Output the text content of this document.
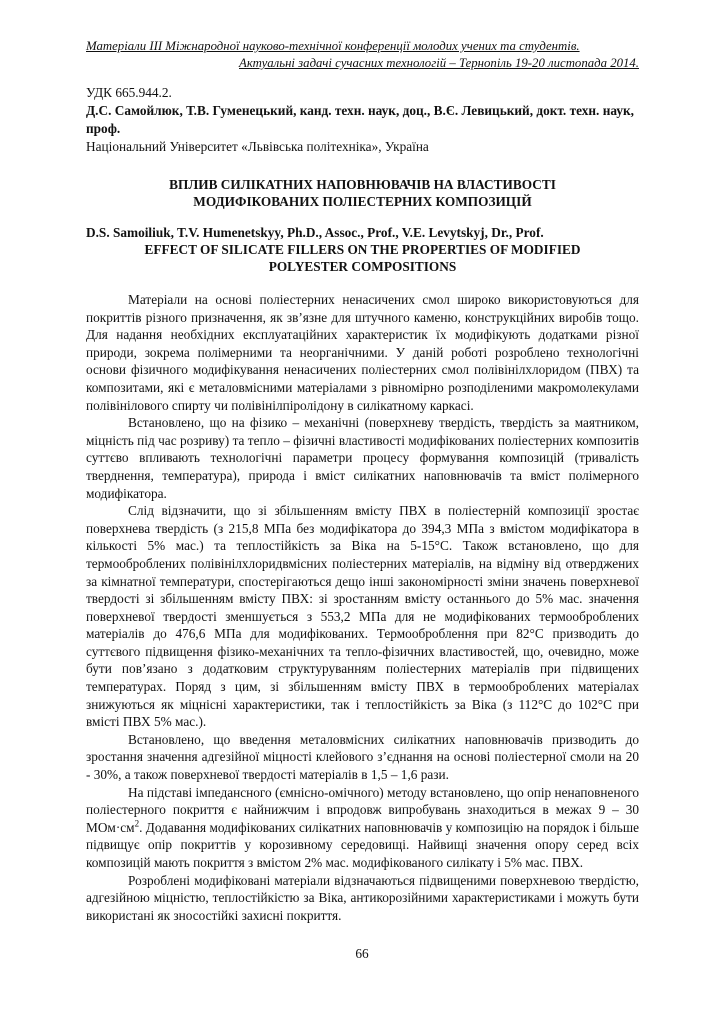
Матеріали ІІІ Міжнародної науково-технічної конференції молодих учених та студентів.
Актуальні задачі сучасних технологій – Тернопіль 19-20 листопада 2014.
УДК 665.944.2.
Д.С. Самойлюк, Т.В. Гуменецький, канд. техн. наук, доц., В.Є. Левицький, докт. техн. наук, проф.
Національний Університет «Львівська політехніка», Україна
ВПЛИВ СИЛІКАТНИХ НАПОВНЮВАЧІВ НА ВЛАСТИВОСТІ
МОДИФІКОВАНИХ ПОЛІЕСТЕРНИХ КОМПОЗИЦІЙ
D.S. Samoiliuk, T.V. Humenetskyy, Ph.D., Assoc., Prof., V.E. Levytskyj, Dr., Prof.
EFFECT OF SILICATE FILLERS ON THE PROPERTIES OF MODIFIED
POLYESTER COMPOSITIONS

Матеріали на основі поліестерних ненасичених смол широко використовуються для покриттів різного призначення, як зв’язне для штучного каменю, конструкційних виробів тощо. Для надання необхідних експлуатаційних характеристик їх модифікують додатками різної природи, зокрема полімерними та неорганічними. У даній роботі розроблено технологічні основи фізичного модифікування ненасичених поліестерних смол полівінілхлоридом (ПВХ) та композитами, які є металовмісними матеріалами з рівномірно розподіленими макромолекулами полівінілового спирту чи полівінілпіролідону в силікатному каркасі.

Встановлено, що на фізико – механічні (поверхневу твердість, твердість за маятником, міцність під час розриву) та тепло – фізичні властивості модифікованих поліестерних композитів суттєво впливають технологічні параметри процесу формування композицій (тривалість тверднення, температура), природа і вміст силікатних наповнювачів та вміст полімерного модифікатора.

Слід відзначити, що зі збільшенням вмісту ПВХ в поліестерній композиції зростає поверхнева твердість (з 215,8 МПа без модифікатора до 394,3 МПа з вмістом модифікатора в кількості 5% мас.) та теплостійкість за Віка на 5-15°С. Також встановлено, що для термооброблених полівінілхлоридвмісних поліестерних матеріалів, на відміну від отверджених за кімнатної температури, спостерігаються дещо інші закономірності зміни значень поверхневої твердості зі збільшенням вмісту ПВХ: зі зростанням вмісту останнього до 5% мас. значення поверхневої твердості зменшується з 553,2 МПа для не модифікованих термооброблених матеріалів до 476,6 МПа для модифікованих. Термооброблення при 82°С призводить до суттєвого підвищення фізико-механічних та тепло-фізичних властивостей, що, очевидно, може бути пов’язано з додатковим структуруванням поліестерних матеріалів при підвищених температурах. Поряд з цим, зі збільшенням вмісту ПВХ в термооброблених матеріалах знижуються як міцнісні характеристики, так і теплостійкість за Віка (з 112°С до 102°С при вмісті ПВХ 5% мас.).

Встановлено, що введення металовмісних силікатних наповнювачів призводить до зростання значення адгезійної міцності клейового з’єднання на основі поліестерної смоли на 20 - 30%, а також поверхневої твердості матеріалів в 1,5 – 1,6 рази.

На підставі імпедансного (ємнісно-омічного) методу встановлено, що опір ненаповненого поліестерного покриття є найнижчим і впродовж випробувань знаходиться в межах 9 – 30 $МОм\cdot см^2$. Додавання модифікованих силікатних наповнювачів у композицію на порядок і більше підвищує опір покриттів у корозивному середовищі. Найвищі значення опору серед всіх композицій мають покриття з вмістом 2% мас. модифікованого силікату і 5% мас. ПВХ.

Розроблені модифіковані матеріали відзначаються підвищеними поверхневою твердістю, адгезійною міцністю, теплостійкістю за Віка, антикорозійними характеристиками і можуть бути використані як зносостійкі захисні покриття.

66
